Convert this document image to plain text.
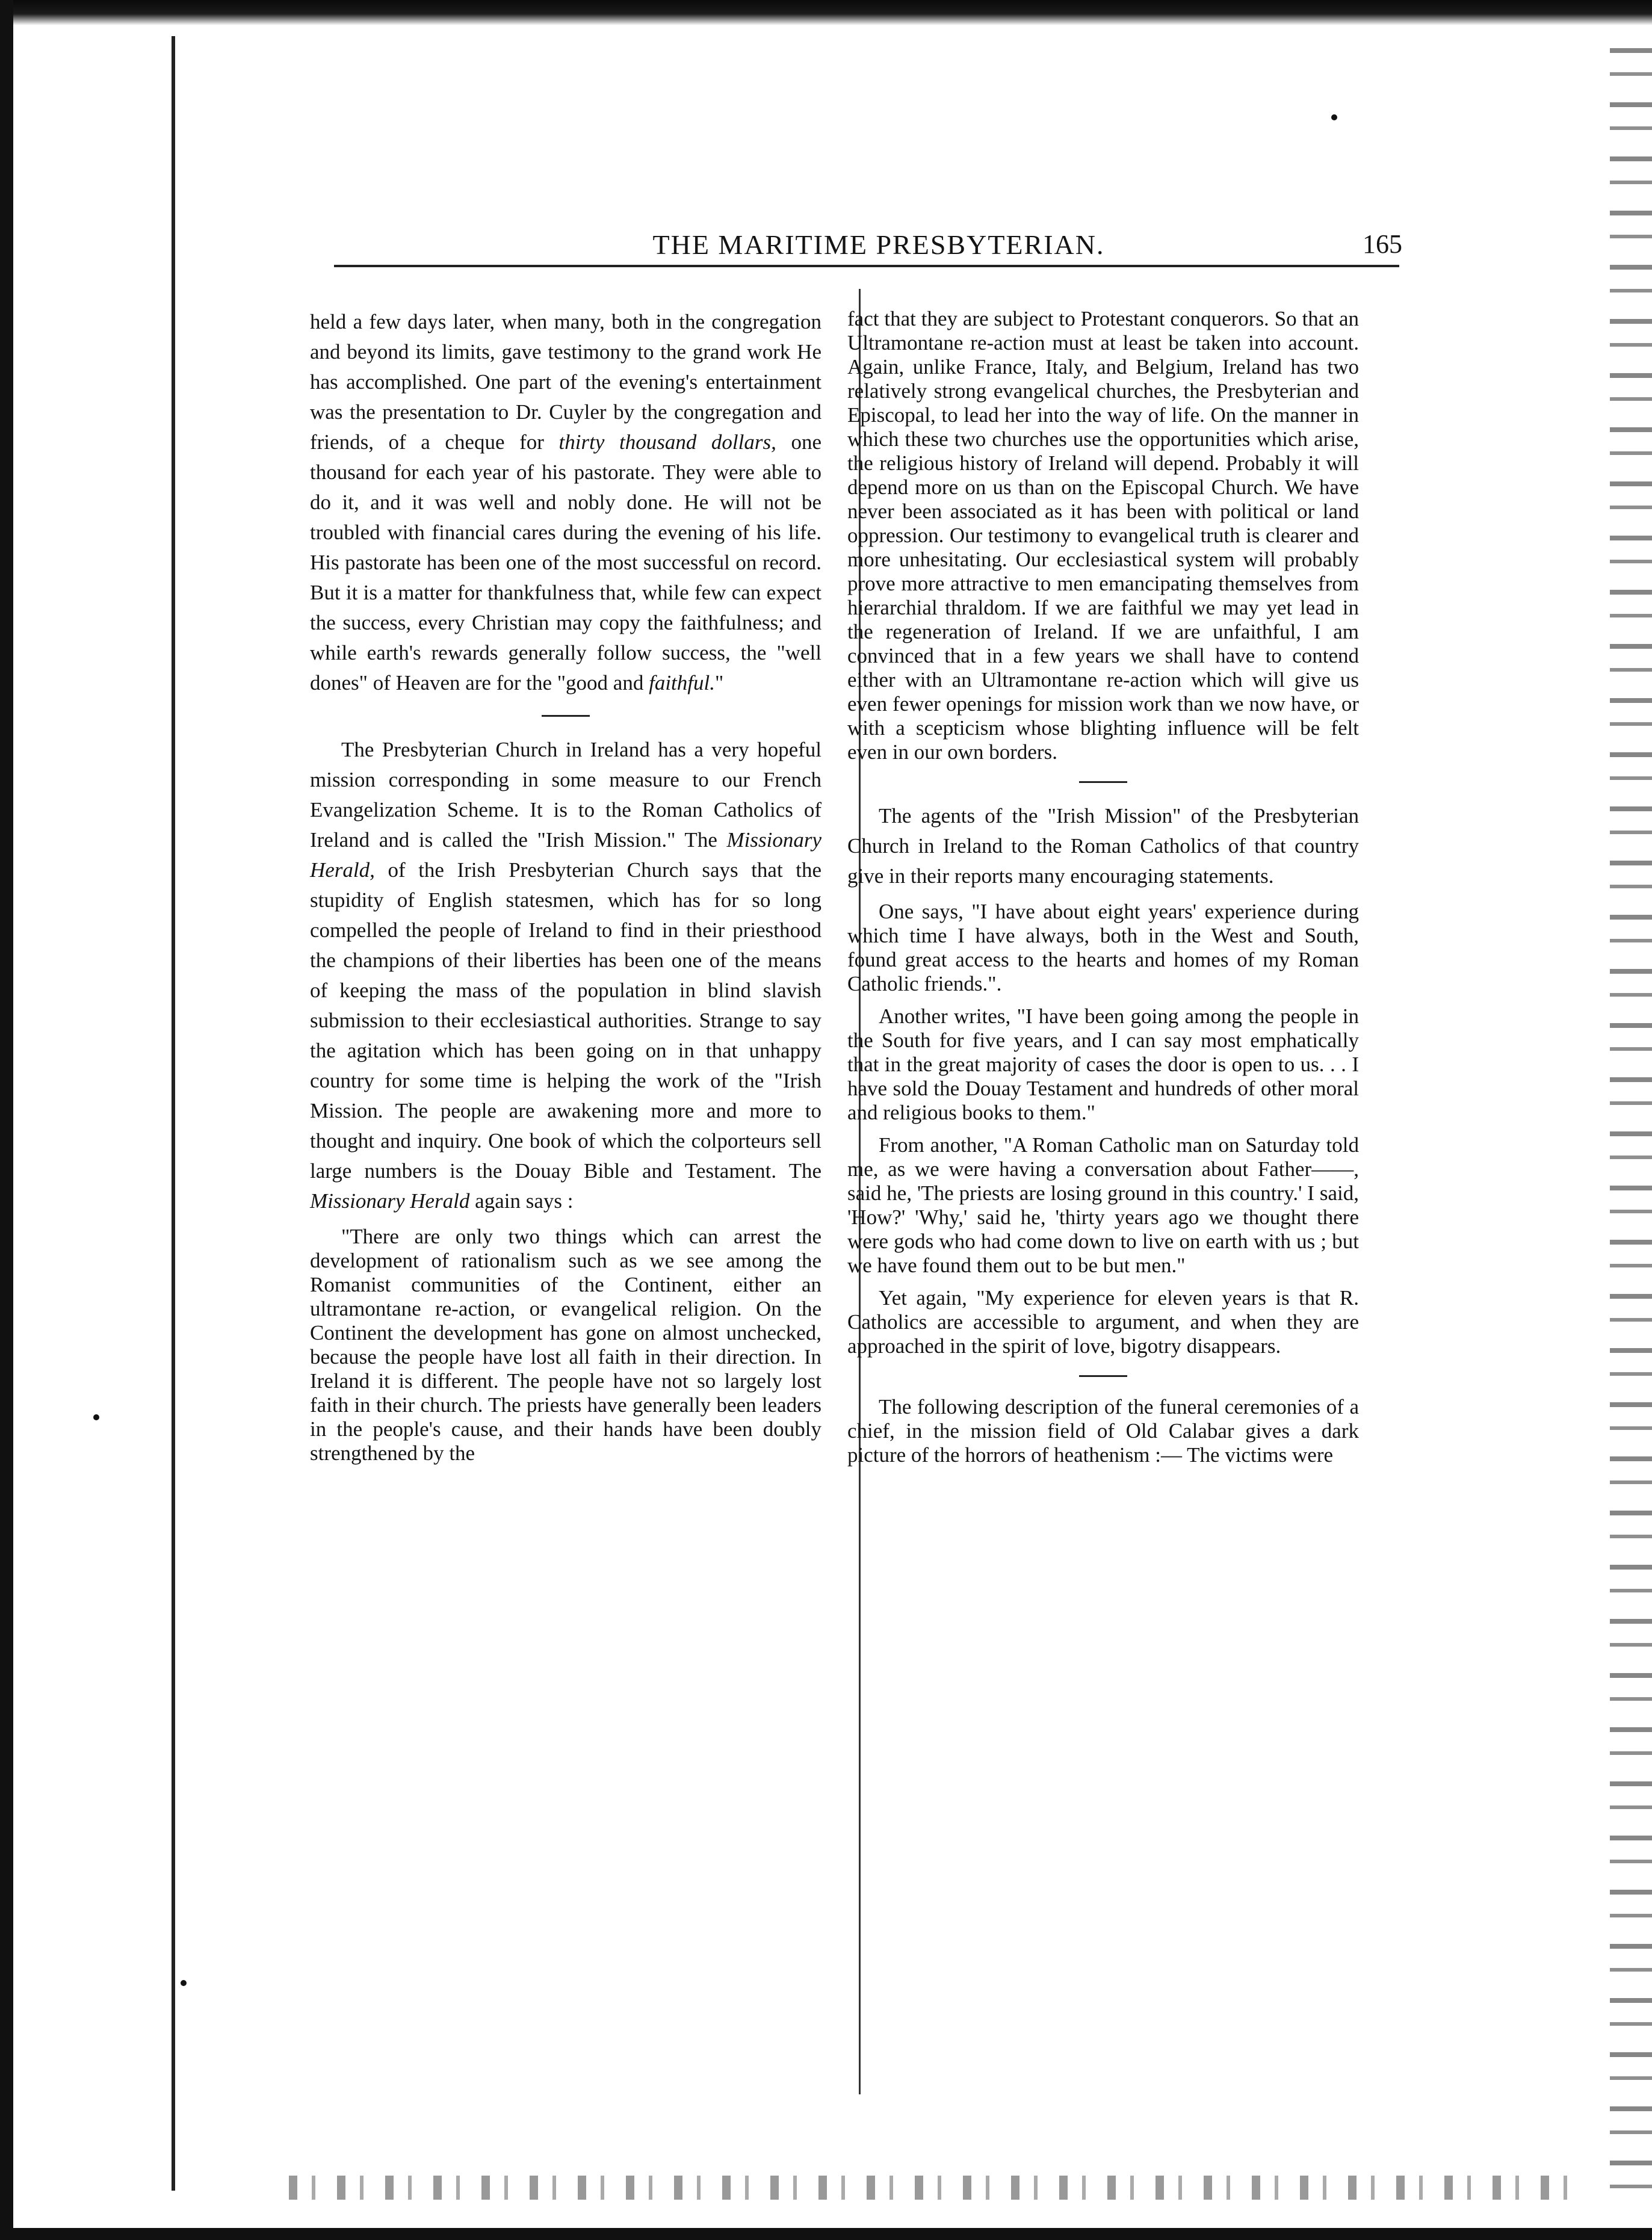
THE MARITIME PRESBYTERIAN.	165

held a few days later, when many, both in the congregation and beyond its limits, gave testimony to the grand work He has accomplished. One part of the evening's entertainment was the presentation to Dr. Cuyler by the congregation and friends, of a cheque for thirty thousand dollars, one thousand for each year of his pastorate. They were able to do it, and it was well and nobly done. He will not be troubled with financial cares during the evening of his life. His pastorate has been one of the most successful on record. But it is a matter for thankfulness that, while few can expect the success, every Christian may copy the faithfulness; and while earth's rewards generally follow success, the "well dones" of Heaven are for the "good and faithful."

The Presbyterian Church in Ireland has a very hopeful mission corresponding in some measure to our French Evangelization Scheme. It is to the Roman Catholics of Ireland and is called the "Irish Mission." The Missionary Herald, of the Irish Presbyterian Church says that the stupidity of English statesmen, which has for so long compelled the people of Ireland to find in their priesthood the champions of their liberties has been one of the means of keeping the mass of the population in blind slavish submission to their ecclesiastical authorities. Strange to say the agitation which has been going on in that unhappy country for some time is helping the work of the "Irish Mission. The people are awakening more and more to thought and inquiry. One book of which the colporteurs sell large numbers is the Douay Bible and Testament. The Missionary Herald again says :

"There are only two things which can arrest the development of rationalism such as we see among the Romanist communities of the Continent, either an ultramontane re-action, or evangelical religion. On the Continent the development has gone on almost unchecked, because the people have lost all faith in their direction. In Ireland it is different. The people have not so largely lost faith in their church. The priests have generally been leaders in the people's cause, and their hands have been doubly strengthened by the

fact that they are subject to Protestant conquerors. So that an Ultramontane re-action must at least be taken into account. Again, unlike France, Italy, and Belgium, Ireland has two relatively strong evangelical churches, the Presbyterian and Episcopal, to lead her into the way of life. On the manner in which these two churches use the opportunities which arise, the religious history of Ireland will depend. Probably it will depend more on us than on the Episcopal Church. We have never been associated as it has been with political or land oppression. Our testimony to evangelical truth is clearer and more unhesitating. Our ecclesiastical system will probably prove more attractive to men emancipating themselves from hierarchial thraldom. If we are faithful we may yet lead in the regeneration of Ireland. If we are unfaithful, I am convinced that in a few years we shall have to contend either with an Ultramontane re-action which will give us even fewer openings for mission work than we now have, or with a scepticism whose blighting influence will be felt even in our own borders.

The agents of the "Irish Mission" of the Presbyterian Church in Ireland to the Roman Catholics of that country give in their reports many encouraging statements.

One says, "I have about eight years' experience during which time I have always, both in the West and South, found great access to the hearts and homes of my Roman Catholic friends.".

Another writes, "I have been going among the people in the South for five years, and I can say most emphatically that in the great majority of cases the door is open to us. . . I have sold the Douay Testament and hundreds of other moral and religious books to them."

From another, "A Roman Catholic man on Saturday told me, as we were having a conversation about Father——, said he, 'The priests are losing ground in this country.' I said, 'How?' 'Why,' said he, 'thirty years ago we thought there were gods who had come down to live on earth with us ; but we have found them out to be but men."

Yet again, "My experience for eleven years is that R. Catholics are accessible to argument, and when they are approached in the spirit of love, bigotry disappears.

The following description of the funeral ceremonies of a chief, in the mission field of Old Calabar gives a dark picture of the horrors of heathenism :— The victims were
